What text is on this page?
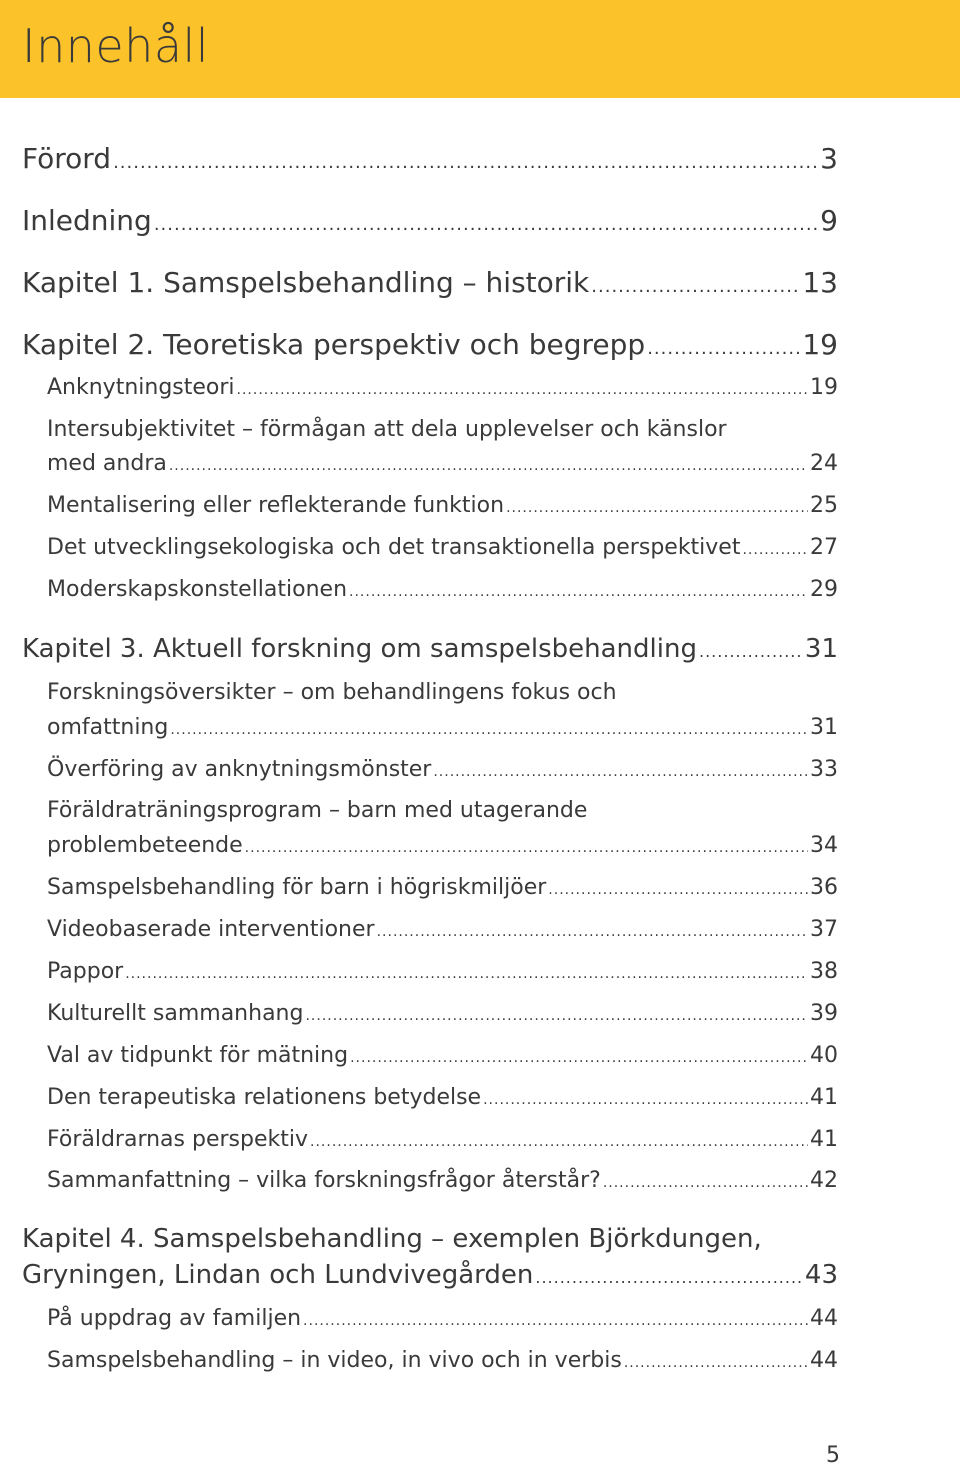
Innehåll
Förord .....	3
Inledning .....	9
Kapitel 1. Samspelsbehandling – historik .....	13
Kapitel 2. Teoretiska perspektiv och begrepp .....	19
Anknytningsteori .....	19
Intersubjektivitet – förmågan att dela upplevelser och känslor
med andra .....	24
Mentalisering eller reflekterande funktion .....	25
Det utvecklingsekologiska och det transaktionella perspektivet .....	27
Moderskapskonstellationen .....	29
Kapitel 3. Aktuell forskning om samspelsbehandling .....	31
Forskningsöversikter – om behandlingens fokus och
omfattning .....	31
Överföring av anknytningsmönster .....	33
Föräldraträningsprogram – barn med utagerande
problembeteende .....	34
Samspelsbehandling för barn i högriskmiljöer .....	36
Videobaserade interventioner .....	37
Pappor .....	38
Kulturellt sammanhang .....	39
Val av tidpunkt för mätning .....	40
Den terapeutiska relationens betydelse .....	41
Föräldrarnas perspektiv .....	41
Sammanfattning – vilka forskningsfrågor återstår? .....	42
Kapitel 4. Samspelsbehandling – exemplen Björkdungen,
Gryningen, Lindan och Lundvivegården .....	43
På uppdrag av familjen .....	44
Samspelsbehandling – in video, in vivo och in verbis .....	44
5
